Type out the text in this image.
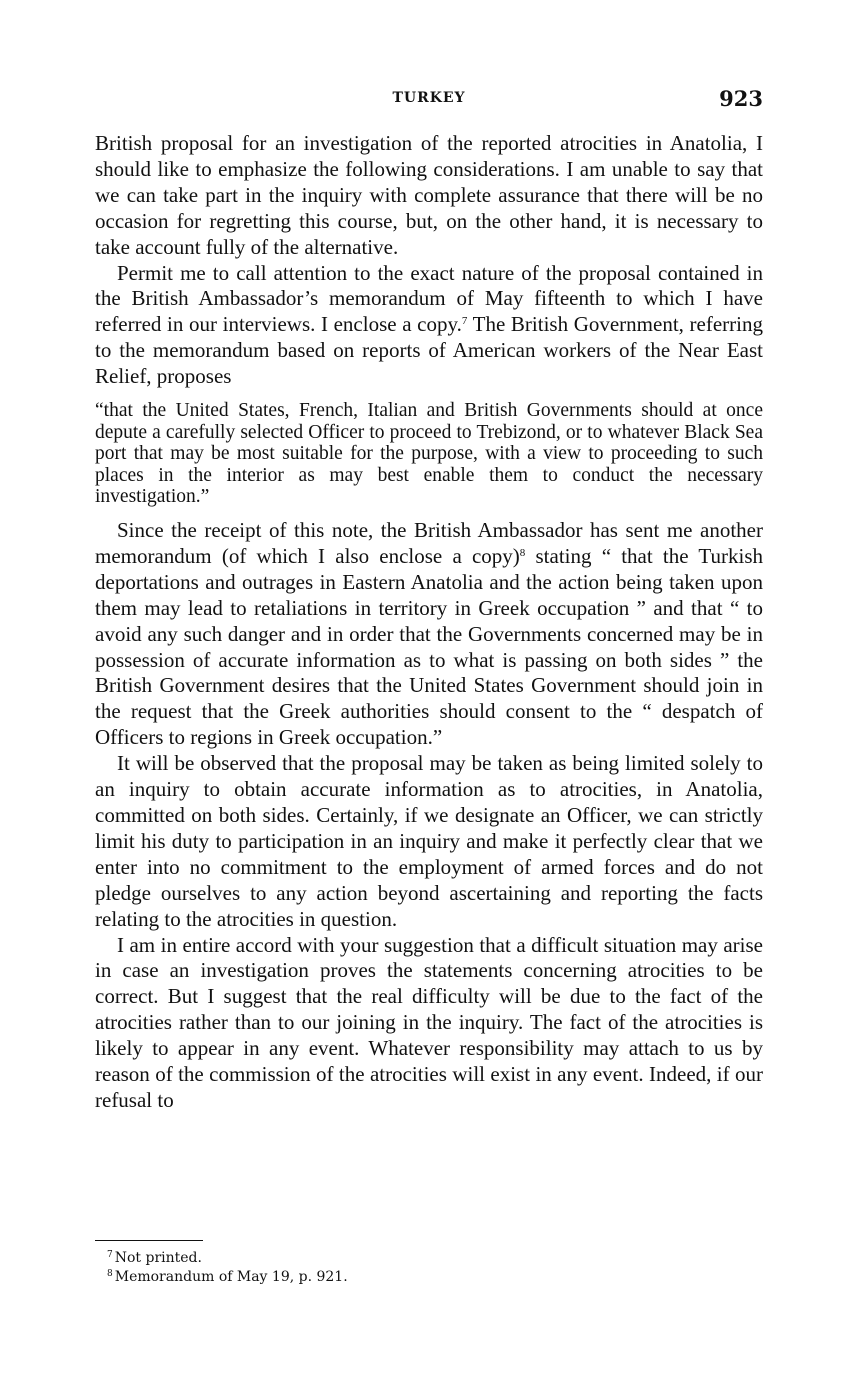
TURKEY	923

British proposal for an investigation of the reported atrocities in Anatolia, I should like to emphasize the following considerations. I am unable to say that we can take part in the inquiry with complete assurance that there will be no occasion for regretting this course, but, on the other hand, it is necessary to take account fully of the alternative.

Permit me to call attention to the exact nature of the proposal contained in the British Ambassador’s memorandum of May fifteenth to which I have referred in our interviews. I enclose a copy.$^7$ The British Government, referring to the memorandum based on reports of American workers of the Near East Relief, proposes

“that the United States, French, Italian and British Governments should at once depute a carefully selected Officer to proceed to Trebizond, or to whatever Black Sea port that may be most suitable for the purpose, with a view to proceeding to such places in the interior as may best enable them to conduct the necessary investigation.”

Since the receipt of this note, the British Ambassador has sent me another memorandum (of which I also enclose a copy)$^8$ stating “ that the Turkish deportations and outrages in Eastern Anatolia and the action being taken upon them may lead to retaliations in territory in Greek occupation ” and that “ to avoid any such danger and in order that the Governments concerned may be in possession of accurate information as to what is passing on both sides ” the British Government desires that the United States Government should join in the request that the Greek authorities should consent to the “ despatch of Officers to regions in Greek occupation.”

It will be observed that the proposal may be taken as being limited solely to an inquiry to obtain accurate information as to atrocities, in Anatolia, committed on both sides. Certainly, if we designate an Officer, we can strictly limit his duty to participation in an inquiry and make it perfectly clear that we enter into no commitment to the employment of armed forces and do not pledge ourselves to any action beyond ascertaining and reporting the facts relating to the atrocities in question.

I am in entire accord with your suggestion that a difficult situation may arise in case an investigation proves the statements concerning atrocities to be correct. But I suggest that the real difficulty will be due to the fact of the atrocities rather than to our joining in the inquiry. The fact of the atrocities is likely to appear in any event. Whatever responsibility may attach to us by reason of the commission of the atrocities will exist in any event. Indeed, if our refusal to

$^7$ Not printed.
$^8$ Memorandum of May 19, p. 921.
